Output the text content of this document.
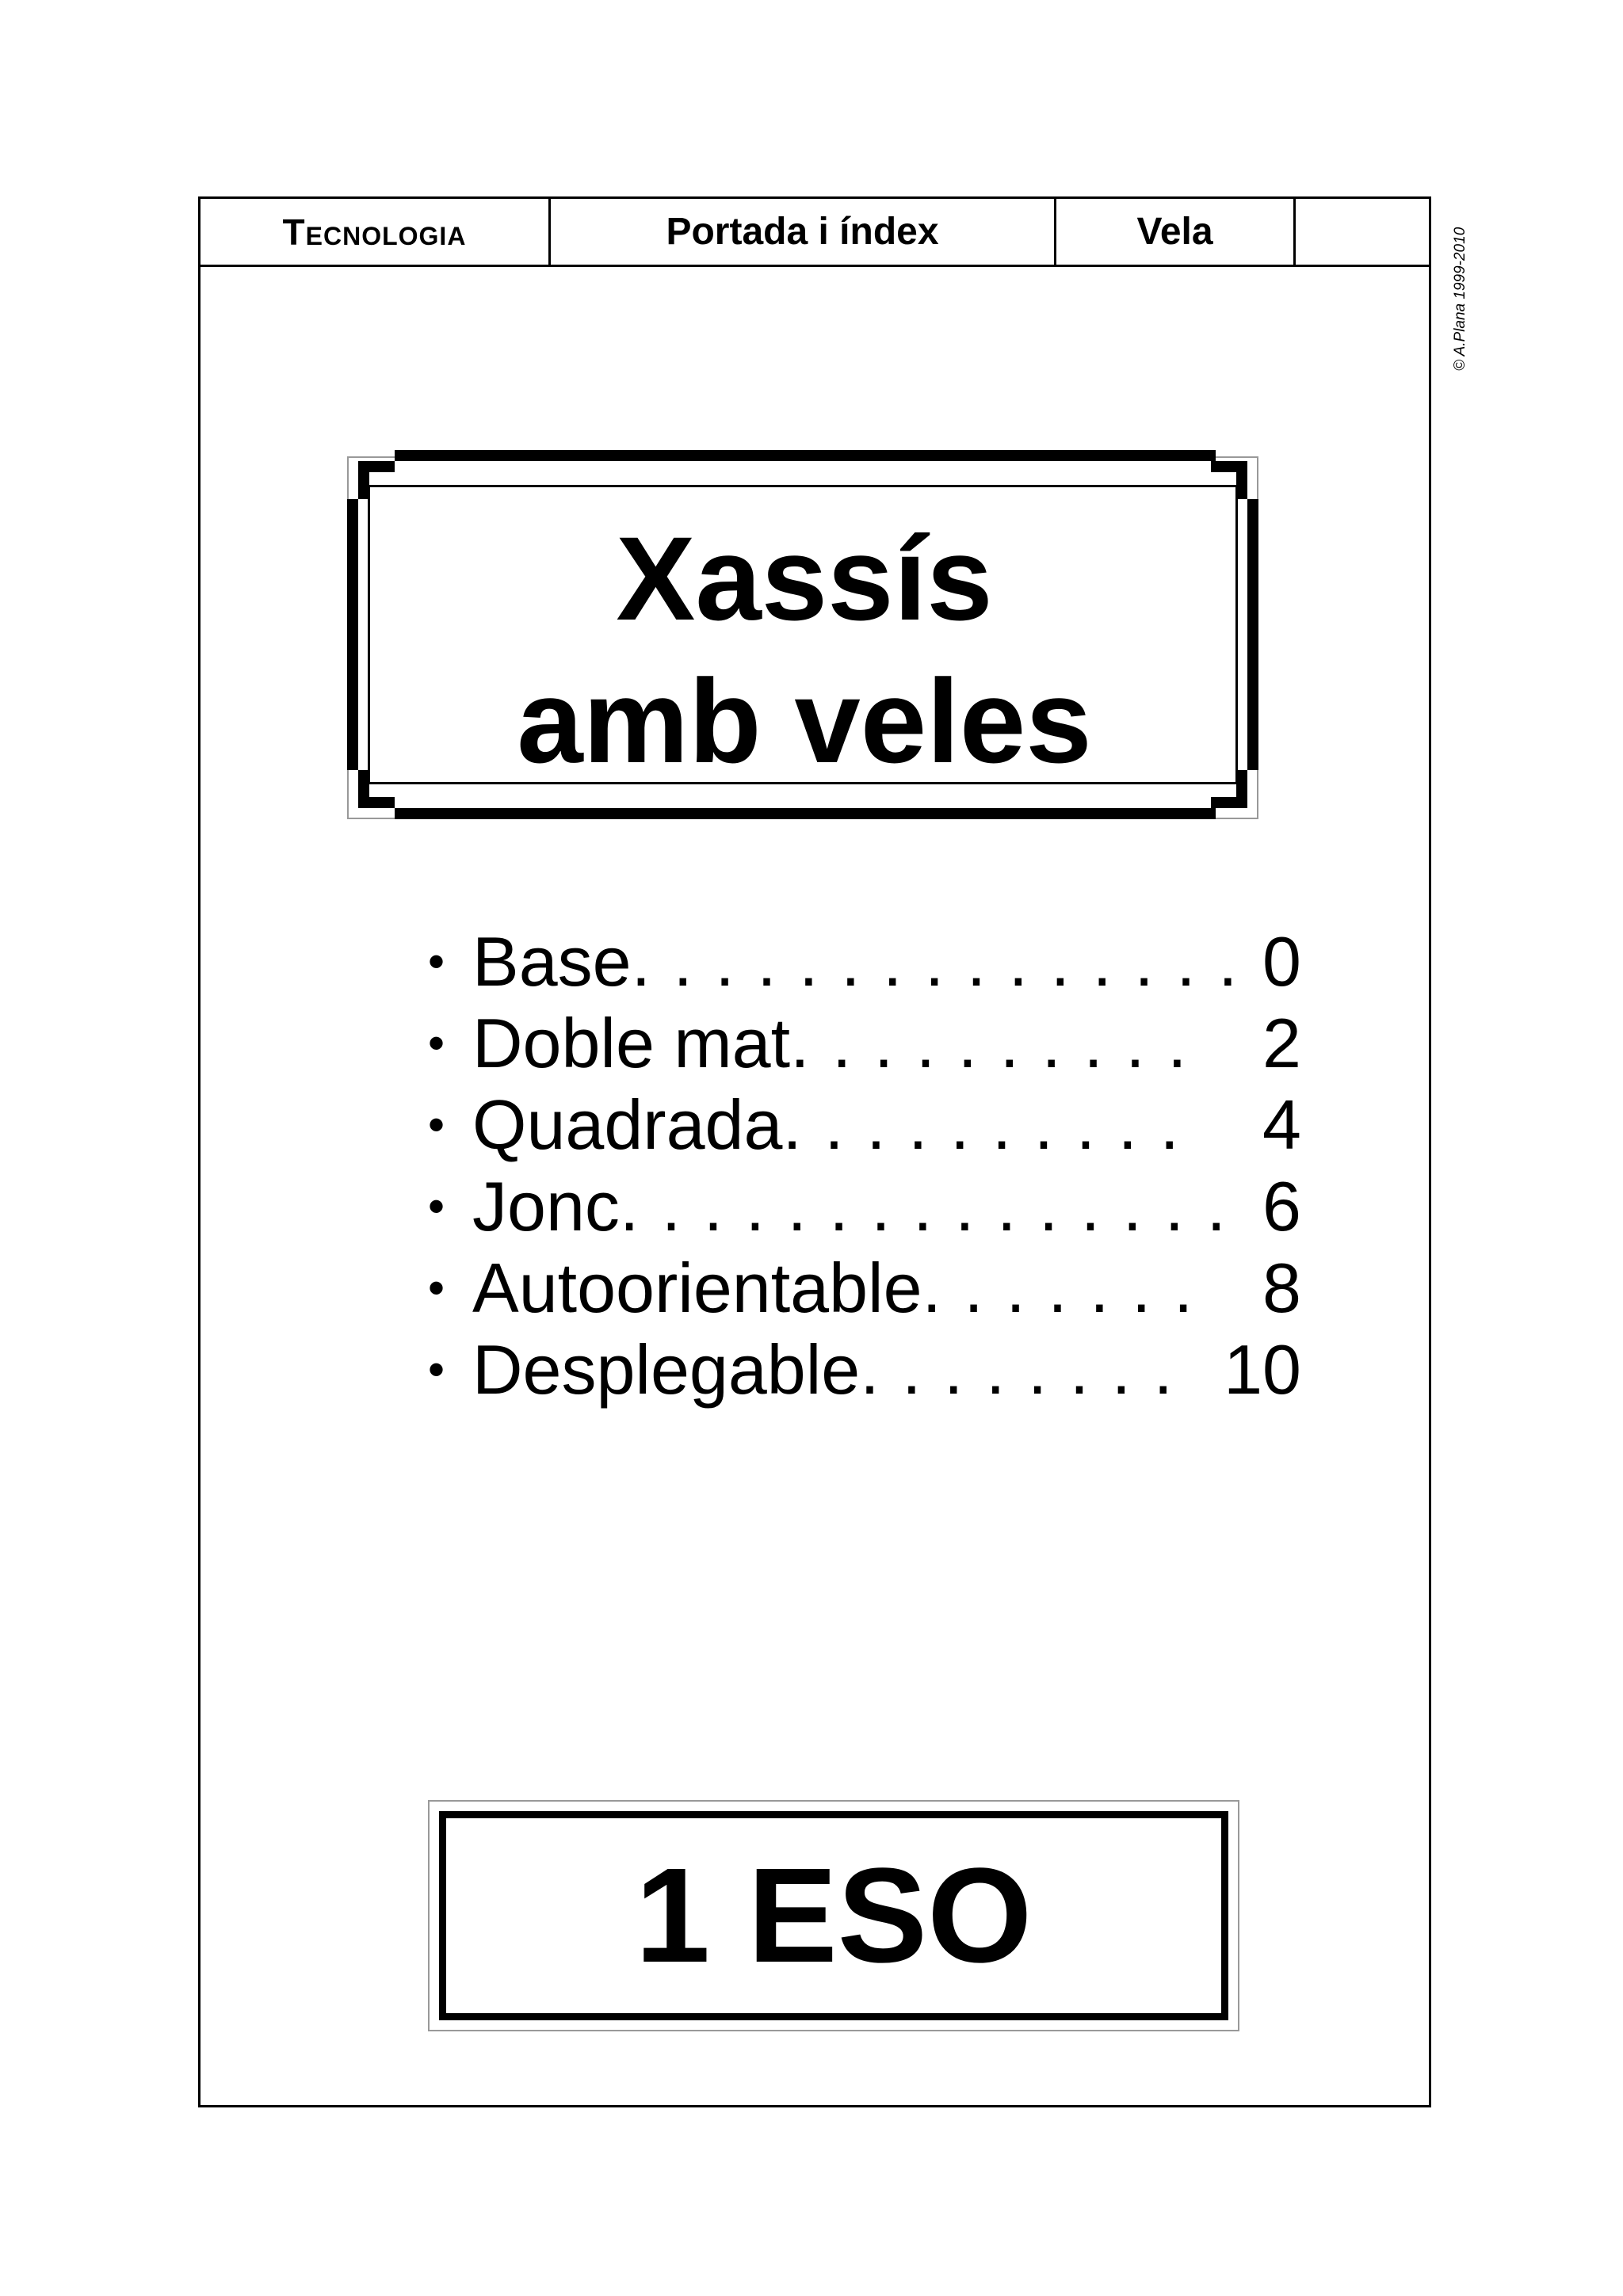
Tecnologia	Portada i índex	Vela	© A.Plana 1999-2010
Xassís
amb veles
• Base . . . . . . . . . . . . . . . 0
• Doble mat . . . . . . . . . . 2
• Quadrada . . . . . . . . . . 4
• Jonc . . . . . . . . . . . . . . . 6
• Autoorientable . . . . . . . 8
• Desplegable . . . . . . . . 10
1 ESO
